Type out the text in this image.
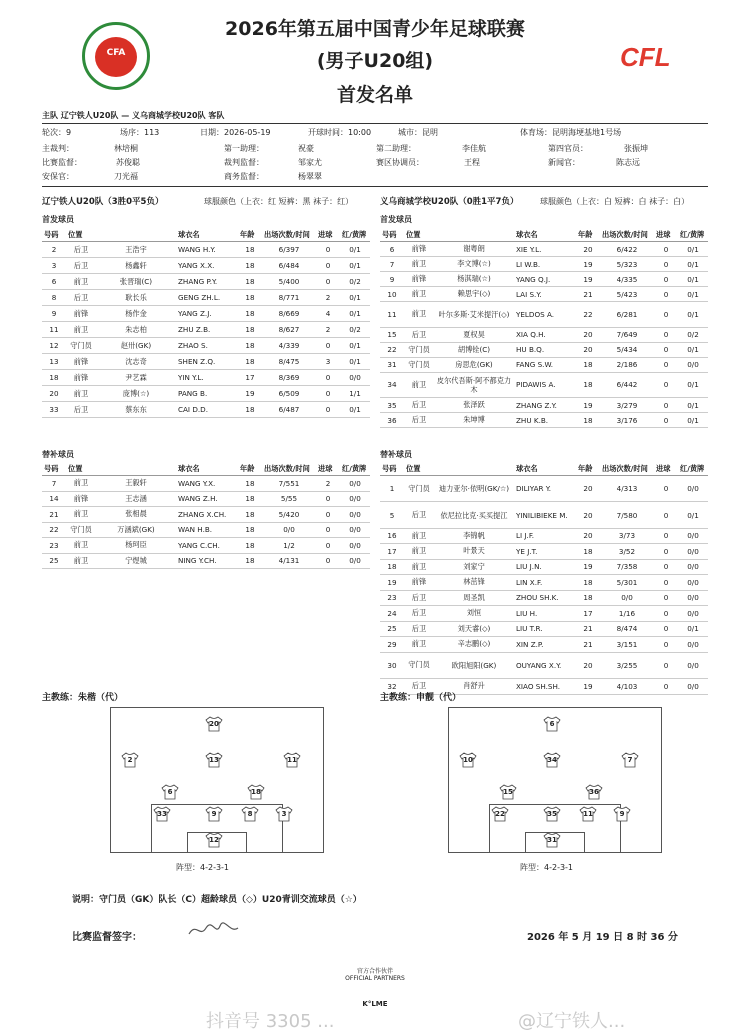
CFA	CFL
2026年第五届中国青少年足球联赛
(男子U20组)
首发名单
主队 辽宁铁人U20队 — 义乌商城学校U20队 客队
轮次：9	场序：113	日期：2026-05-19	开球时间：10:00	城市：昆明	体育场：昆明海埂基地1号场
主裁判：	林培桐	第一助理：	祝豪	第二助理：	李佳航	第四官员：	张振坤
比赛监督：	苏俊聪	裁判监督：	邹家尤	赛区协调员：	王程	新闻官：	陈志远
安保官：	刀光福	商务监督：	杨翠翠
辽宁铁人U20队（3胜0平5负）	球服颜色（上衣：红 短裤：黑 袜子：红）
首发球员
号码	位置		球衣名	年龄	出场次数/时间	进球	红/黄牌
2	后卫	王浩宇	WANG H.Y.	18	6/397	0	0/1
3	后卫	杨鑫轩	YANG X.X.	18	6/484	0	0/1
6	前卫	张晋瑞(C)	ZHANG P.Y.	18	5/400	0	0/2
8	后卫	耿长乐	GENG ZH.L.	18	8/771	2	0/1
9	前锋	杨作金	YANG Z.J.	18	8/669	4	0/1
11	前卫	朱志柏	ZHU Z.B.	18	8/627	2	0/2
12	守门员	赵卅(GK)	ZHAO S.	18	4/339	0	0/1
13	前锋	沈志奇	SHEN Z.Q.	18	8/475	3	0/1
18	前锋	尹艺霖	YIN Y.L.	17	8/369	0	0/0
20	前卫	庞博(☆)	PANG B.	19	6/509	0	1/1
33	后卫	蔡东东	CAI D.D.	18	6/487	0	0/1
替补球员
号码	位置		球衣名	年龄	出场次数/时间	进球	红/黄牌
7	前卫	王毅轩	WANG Y.X.	18	7/551	2	0/0
14	前锋	王志涵	WANG Z.H.	18	5/55	0	0/0
21	前卫	张相晨	ZHANG X.CH.	18	5/420	0	0/0
22	守门员	万涵斌(GK)	WAN H.B.	18	0/0	0	0/0
23	前卫	杨珂臣	YANG C.CH.	18	1/2	0	0/0
25	前卫	宁煜城	NING Y.CH.	18	4/131	0	0/0
义乌商城学校U20队（0胜1平7负）	球服颜色（上衣：白 短裤：白 袜子：白）
首发球员
号码	位置		球衣名	年龄	出场次数/时间	进球	红/黄牌
6	前锋	谢粤朗	XIE Y.L.	20	6/422	0	0/1
7	前卫	李文博(☆)	LI W.B.	19	5/323	0	0/1
9	前锋	杨淇瑞(☆)	YANG Q.J.	19	4/335	0	0/1
10	前卫	赖思宇(◇)	LAI S.Y.	21	5/423	0	0/1
11	前卫	叶尔多斯·艾米提汗(◇)	YELDOS A.	22	6/281	0	0/1
15	后卫	夏权昊	XIA Q.H.	20	7/649	0	0/2
22	守门员	胡博铨(C)	HU B.Q.	20	5/434	0	0/1
31	守门员	房思危(GK)	FANG S.W.	18	2/186	0	0/0
34	前卫	皮尔代吾斯·阿不都克力木	PIDAWIS A.	18	6/442	0	0/1
35	后卫	张泽跃	ZHANG Z.Y.	19	3/279	0	0/1
36	后卫	朱坤博	ZHU K.B.	18	3/176	0	0/1
替补球员
号码	位置		球衣名	年龄	出场次数/时间	进球	红/黄牌
1	守门员	迪力亚尔·依明(GK/☆)	DILIYAR Y.	20	4/313	0	0/0
5	后卫	依尼拉比克·买买提江	YINILIBIEKE M.	20	7/580	0	0/1
16	前卫	李锦帆	LI J.F.	20	3/73	0	0/0
17	前卫	叶景天	YE J.T.	18	3/52	0	0/0
18	前卫	刘家宁	LIU J.N.	19	7/358	0	0/0
19	前锋	林茁锋	LIN X.F.	18	5/301	0	0/0
23	后卫	周圣凯	ZHOU SH.K.	18	0/0	0	0/0
24	后卫	刘恒	LIU H.	17	1/16	0	0/0
25	后卫	刘天睿(◇)	LIU T.R.	21	8/474	0	0/1
29	前卫	辛志鹏(◇)	XIN Z.P.	21	3/151	0	0/0
30	守门员	欧阳旭阳(GK)	OUYANG X.Y.	20	3/255	0	0/0
32	后卫	肖舒升	XIAO SH.SH.	19	4/103	0	0/0
主教练：朱楷（代）	主教练：申靓（代）
20
2	13	11
6	18
33	9	8	3
12
6
10	34	7
15	36
22	35	11	9
31
阵型：4-2-3-1	阵型：4-2-3-1
说明：守门员（GK）队长（C）超龄球员（◇）U20青训交流球员（☆）
比赛监督签字：	2026 年 5 月 19 日 8 时 36 分
官方合作伙伴
OFFICIAL PARTNERS
K°LME
抖音号 3305 ...	@辽宁铁人...
